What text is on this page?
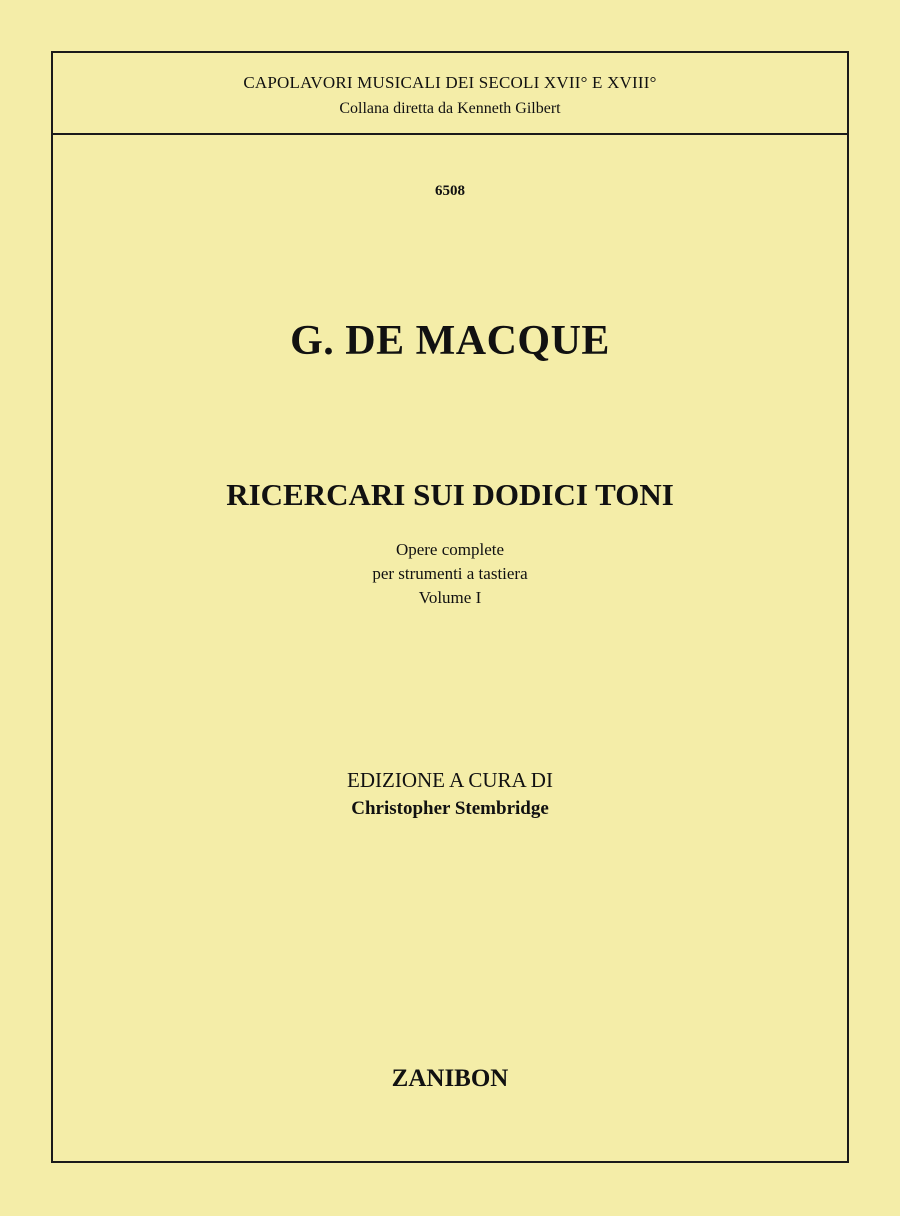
CAPOLAVORI MUSICALI DEI SECOLI XVII° E XVIII°
Collana diretta da Kenneth Gilbert
6508
G. DE MACQUE
RICERCARI SUI DODICI TONI
Opere complete
per strumenti a tastiera
Volume I
EDIZIONE A CURA DI
Christopher Stembridge
ZANIBON
